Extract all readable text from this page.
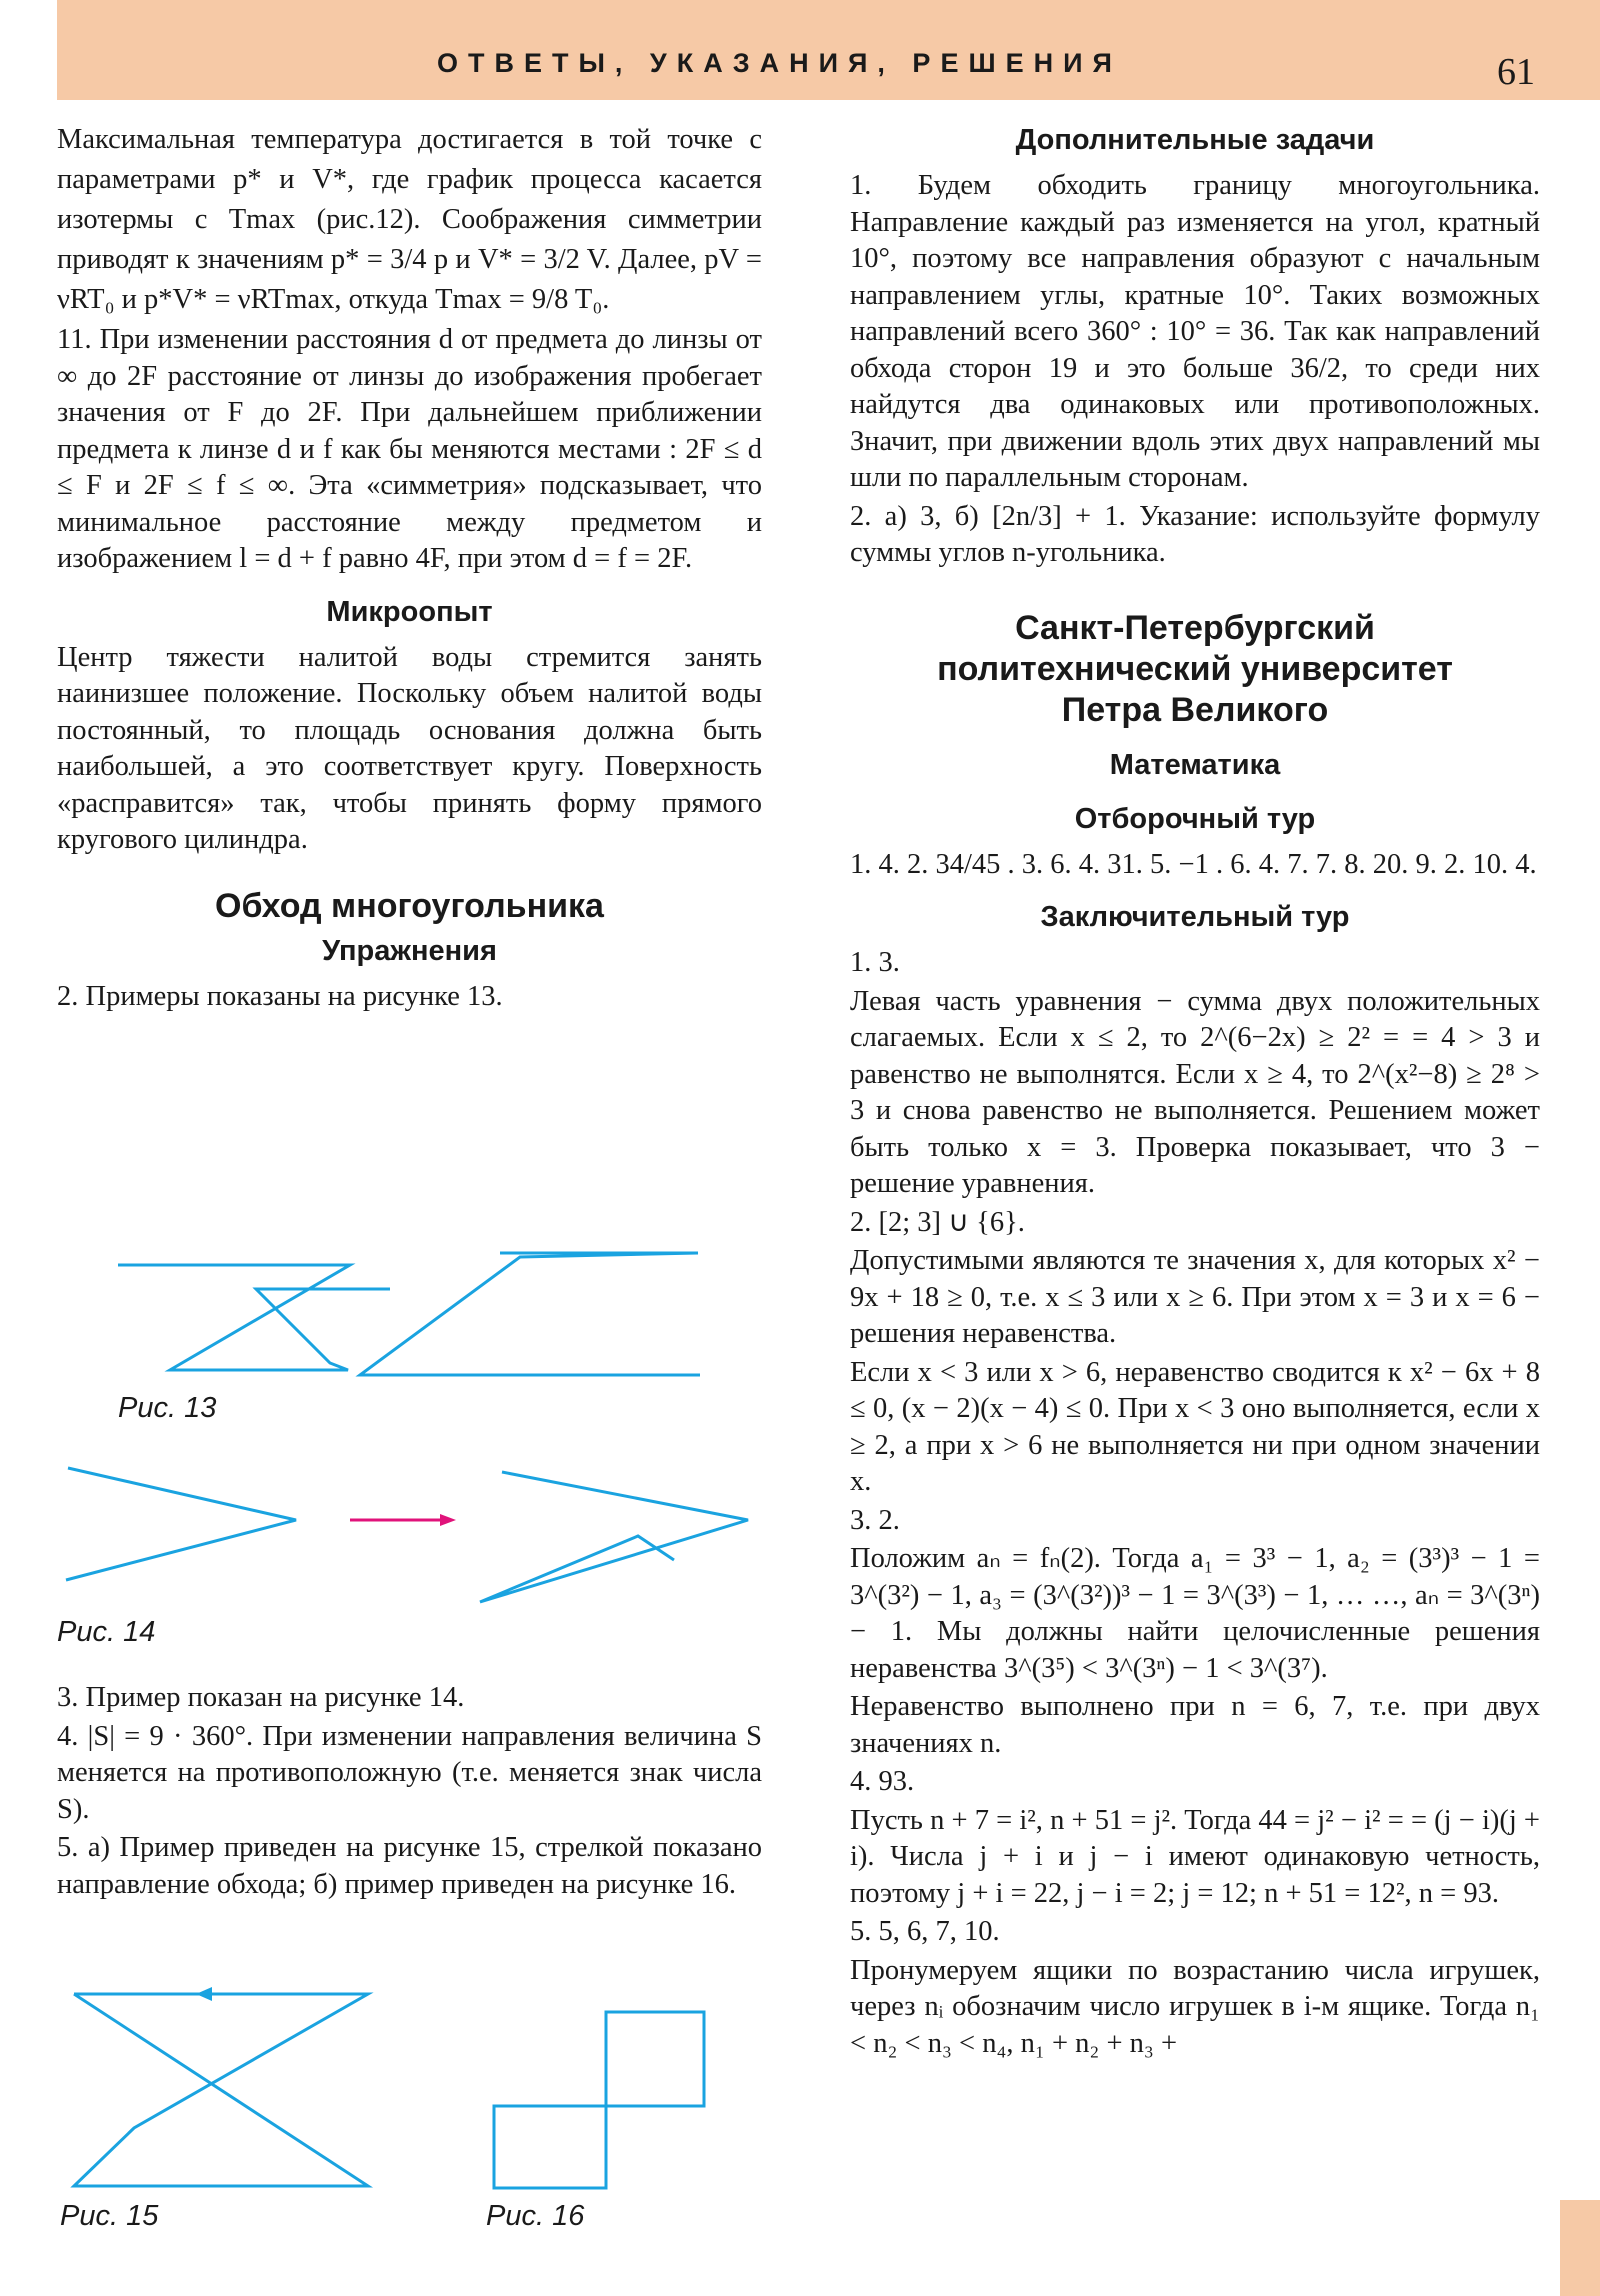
ОТВЕТЫ, УКАЗАНИЯ, РЕШЕНИЯ	61

Максимальная температура достигается в той точке с параметрами p* и V*, где график процесса касается изотермы с Tmax (рис.12). Соображения симметрии приводят к значениям p* = 3/4 p и V* = 3/2 V. Далее, pV = νRT₀ и p*V* = νRTmax, откуда Tmax = 9/8 T₀.

11. При изменении расстояния d от предмета до линзы от ∞ до 2F расстояние от линзы до изображения пробегает значения от F до 2F. При дальнейшем приближении предмета к линзе d и f как бы меняются местами : 2F ≤ d ≤ F и 2F ≤ f ≤ ∞. Эта «симметрия» подсказывает, что минимальное расстояние между предметом и изображением l = d + f равно 4F, при этом d = f = 2F.

Микроопыт

Центр тяжести налитой воды стремится занять наинизшее положение. Поскольку объем налитой воды постоянный, то площадь основания должна быть наибольшей, а это соответствует кругу. Поверхность «расправится» так, чтобы принять форму прямого кругового цилиндра.

Обход многоугольника
Упражнения

2. Примеры показаны на рисунке 13.

Рис. 13
Рис. 14

3. Пример показан на рисунке 14.

4. |S| = 9 · 360°. При изменении направления величина S меняется на противоположную (т.е. меняется знак числа S).

5. а) Пример приведен на рисунке 15, стрелкой показано направление обхода; б) пример приведен на рисунке 16.

Рис. 15	Рис. 16
Дополнительные задачи

1. Будем обходить границу многоугольника. Направление каждый раз изменяется на угол, кратный 10°, поэтому все направления образуют с начальным направлением углы, кратные 10°. Таких возможных направлений всего 360° : 10° = 36. Так как направлений обхода сторон 19 и это больше 36/2, то среди них найдутся два одинаковых или противоположных. Значит, при движении вдоль этих двух направлений мы шли по параллельным сторонам.

2. а) 3, б) [2n/3] + 1. Указание: используйте формулу суммы углов n-угольника.

Санкт-Петербургский
политехнический университет
Петра Великого
Математика
Отборочный тур

1. 4. 2. 34/45 . 3. 6. 4. 31. 5. −1 . 6. 4. 7. 7. 8. 20. 9. 2. 10. 4.

Заключительный тур

1. 3.

Левая часть уравнения − сумма двух положительных слагаемых. Если x ≤ 2, то 2^(6−2x) ≥ 2² = = 4 > 3 и равенство не выполнятся. Если x ≥ 4, то 2^(x²−8) ≥ 2⁸ > 3 и снова равенство не выполняется. Решением может быть только x = 3. Проверка показывает, что 3 − решение уравнения.

2. [2; 3] ∪ {6}.

Допустимыми являются те значения x, для которых x² − 9x + 18 ≥ 0, т.е. x ≤ 3 или x ≥ 6. При этом x = 3 и x = 6 − решения неравенства.

Если x < 3 или x > 6, неравенство сводится к x² − 6x + 8 ≤ 0, (x − 2)(x − 4) ≤ 0. При x < 3 оно выполняется, если x ≥ 2, а при x > 6 не выполняется ни при одном значении x.

3. 2.

Положим aₙ = fₙ(2). Тогда a₁ = 3³ − 1, a₂ = (3³)³ − 1 = 3^(3²) − 1, a₃ = (3^(3²))³ − 1 = 3^(3³) − 1, … …, aₙ = 3^(3ⁿ) − 1. Мы должны найти целочисленные решения неравенства 3^(3⁵) < 3^(3ⁿ) − 1 < 3^(3⁷).

Неравенство выполнено при n = 6, 7, т.е. при двух значениях n.

4. 93.

Пусть n + 7 = i², n + 51 = j². Тогда 44 = j² − i² = = (j − i)(j + i). Числа j + i и j − i имеют одинаковую четность, поэтому j + i = 22, j − i = 2; j = 12; n + 51 = 12², n = 93.

5. 5, 6, 7, 10.

Пронумеруем ящики по возрастанию числа игрушек, через nᵢ обозначим число игрушек в i-м ящике. Тогда n₁ < n₂ < n₃ < n₄, n₁ + n₂ + n₃ +
